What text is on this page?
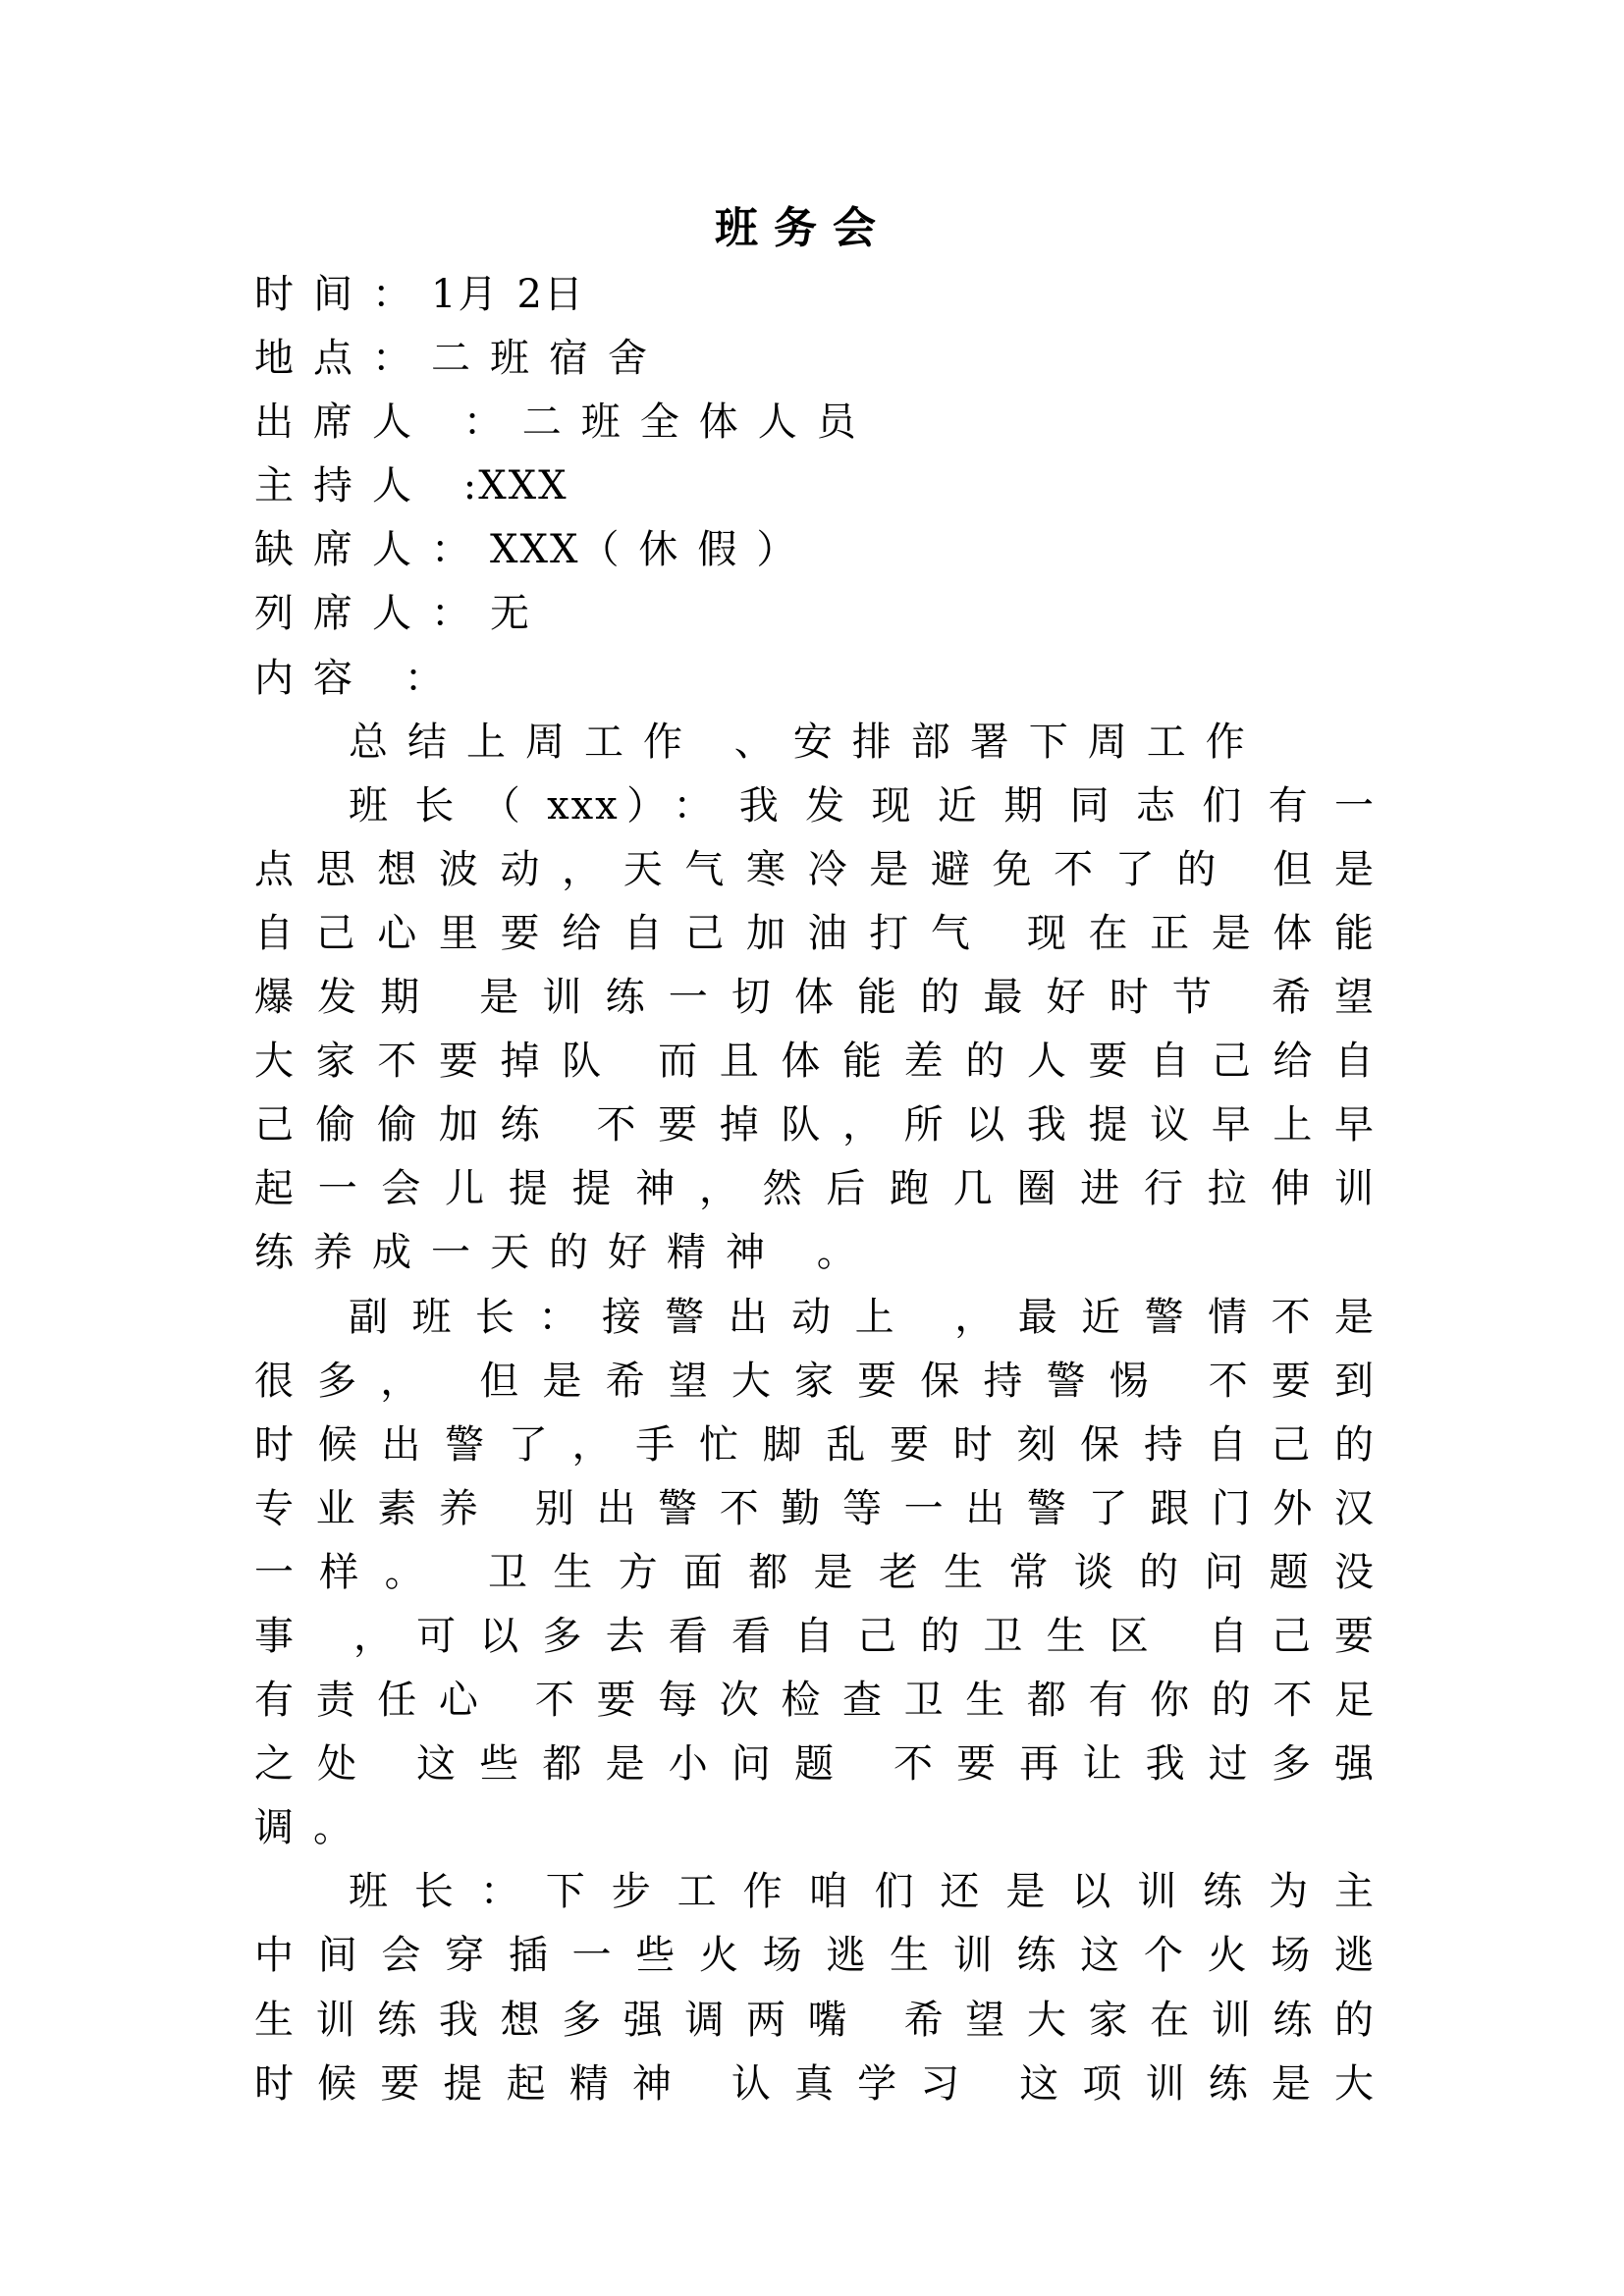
班务会
时间：1月2日
地点：二班宿舍
出席人 ：二班全体人员
主持人 :XXX
缺席人：XXX（休假）
列席人：无
内容 ：
总结上周工作 、安排部署下周工作
班长（xxx）：我发现近期同志们有一
点思想波动，天气寒冷是避免不了的 但是
自己心里要给自己加油打气 现在正是体能
爆发期 是训练一切体能的最好时节 希望
大家不要掉队 而且体能差的人要自己给自
己偷偷加练 不要掉队，所以我提议早上早
起一会儿提提神，然后跑几圈进行拉伸训
练养成一天的好精神 。
副班长：接警出动上 ，最近警情不是
很多， 但是希望大家要保持警惕 不要到
时候出警了，手忙脚乱要时刻保持自己的
专业素养 别出警不勤等一出警了跟门外汉
一样。 卫生方面都是老生常谈的问题没
事 ，可以多去看看自己的卫生区 自己要
有责任心 不要每次检查卫生都有你的不足
之处 这些都是小问题 不要再让我过多强
调。
班长：下步工作咱们还是以训练为主
中间会穿插一些火场逃生训练这个火场逃
生训练我想多强调两嘴 希望大家在训练的
时候要提起精神 认真学习 这项训练是大
